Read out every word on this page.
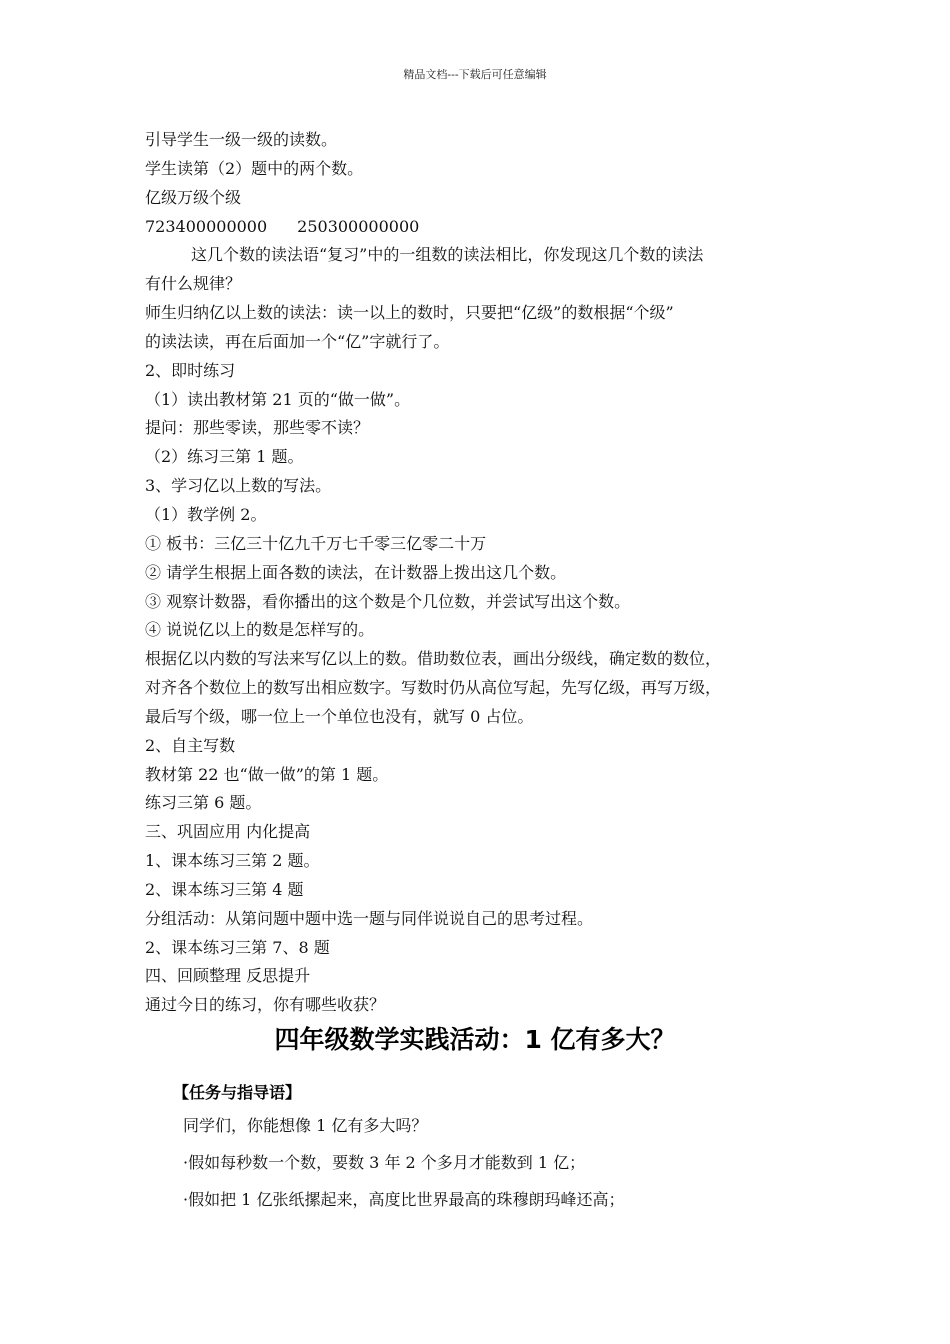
精品文档---下载后可任意编辑
引导学生一级一级的读数。
学生读第（2）题中的两个数。
亿级万级个级
723400000000 250300000000
这几个数的读法语“复习”中的一组数的读法相比，你发现这几个数的读法
有什么规律？
师生归纳亿以上数的读法：读一以上的数时，只要把“亿级”的数根据“个级”
的读法读，再在后面加一个“亿”字就行了。
2、即时练习
（1）读出教材第 21 页的“做一做”。
提问：那些零读，那些零不读？
（2）练习三第 1 题。
3、学习亿以上数的写法。
（1）教学例 2。
① 板书：三亿三十亿九千万七千零三亿零二十万
② 请学生根据上面各数的读法，在计数器上拨出这几个数。
③ 观察计数器，看你播出的这个数是个几位数，并尝试写出这个数。
④ 说说亿以上的数是怎样写的。
根据亿以内数的写法来写亿以上的数。借助数位表，画出分级线，确定数的数位，
对齐各个数位上的数写出相应数字。写数时仍从高位写起，先写亿级，再写万级，
最后写个级，哪一位上一个单位也没有，就写 0 占位。
2、自主写数
教材第 22 也“做一做”的第 1 题。
练习三第 6 题。
三、巩固应用 内化提高
1、课本练习三第 2 题。
2、课本练习三第 4 题
分组活动：从第问题中题中选一题与同伴说说自己的思考过程。
2、课本练习三第 7、8 题
四、回顾整理 反思提升
通过今日的练习，你有哪些收获？
四年级数学实践活动：1 亿有多大？
【任务与指导语】
同学们，你能想像 1 亿有多大吗？
·假如每秒数一个数，要数 3 年 2 个多月才能数到 1 亿；
·假如把 1 亿张纸摞起来，高度比世界最高的珠穆朗玛峰还高；
